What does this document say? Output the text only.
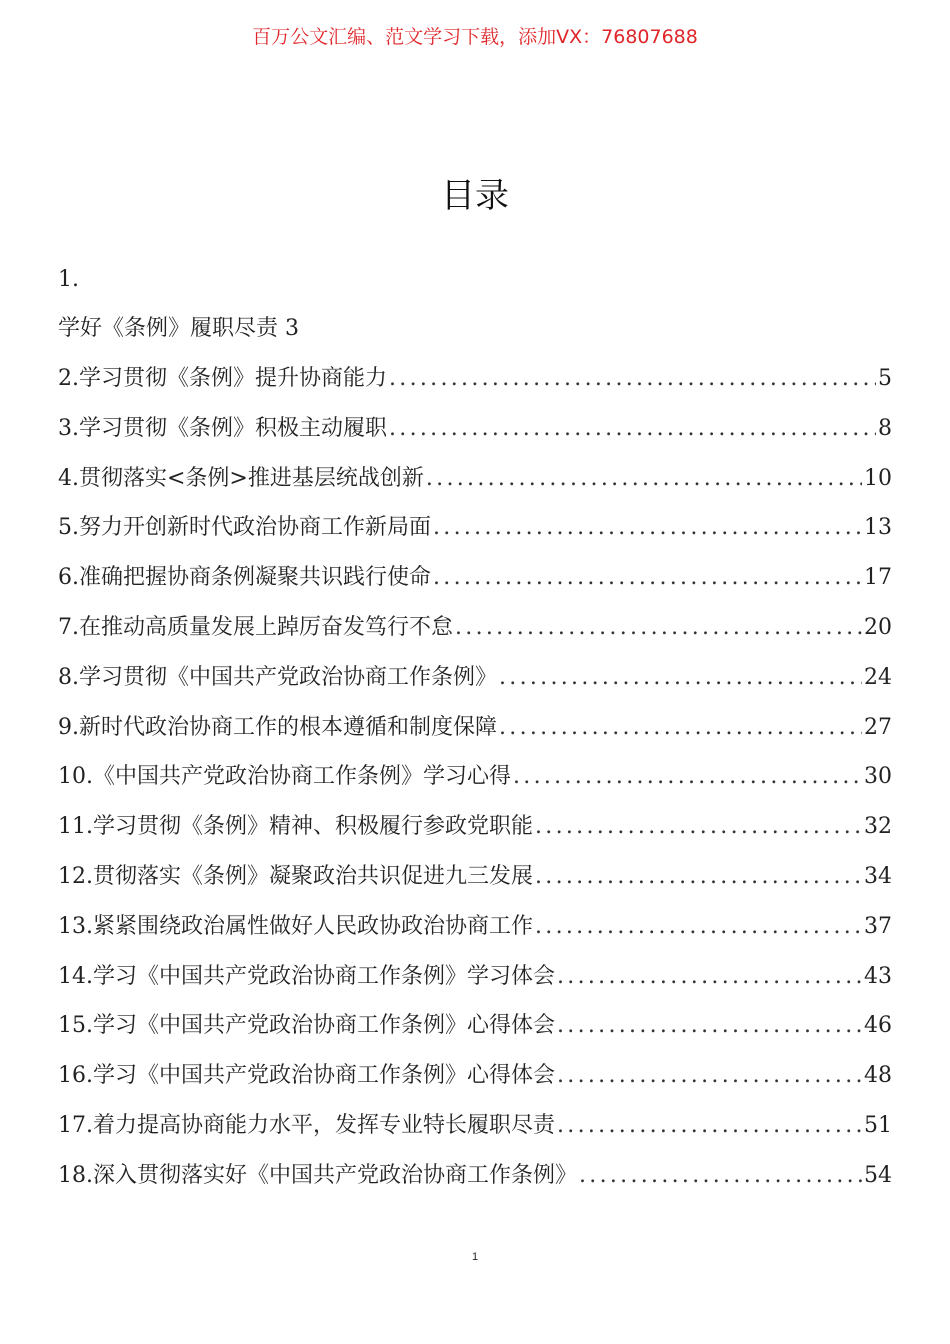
百万公文汇编、范文学习下载，添加VX：76807688
目录
1.
学好《条例》履职尽责 3
2.学习贯彻《条例》提升协商能力 .....	5
3.学习贯彻《条例》积极主动履职 .....	8
4.贯彻落实<条例>推进基层统战创新 .....	10
5.努力开创新时代政治协商工作新局面 .....	13
6.准确把握协商条例凝聚共识践行使命 .....	17
7.在推动高质量发展上踔厉奋发笃行不怠 .....	20
8.学习贯彻《中国共产党政治协商工作条例》 .....	24
9.新时代政治协商工作的根本遵循和制度保障 .....	27
10.《中国共产党政治协商工作条例》学习心得 .....	30
11.学习贯彻《条例》精神、积极履行参政党职能 .....	32
12.贯彻落实《条例》凝聚政治共识促进九三发展 .....	34
13.紧紧围绕政治属性做好人民政协政治协商工作 .....	37
14.学习《中国共产党政治协商工作条例》学习体会 .....	43
15.学习《中国共产党政治协商工作条例》心得体会 .....	46
16.学习《中国共产党政治协商工作条例》心得体会 .....	48
17.着力提高协商能力水平，发挥专业特长履职尽责 .....	51
18.深入贯彻落实好《中国共产党政治协商工作条例》 .....	54
1
